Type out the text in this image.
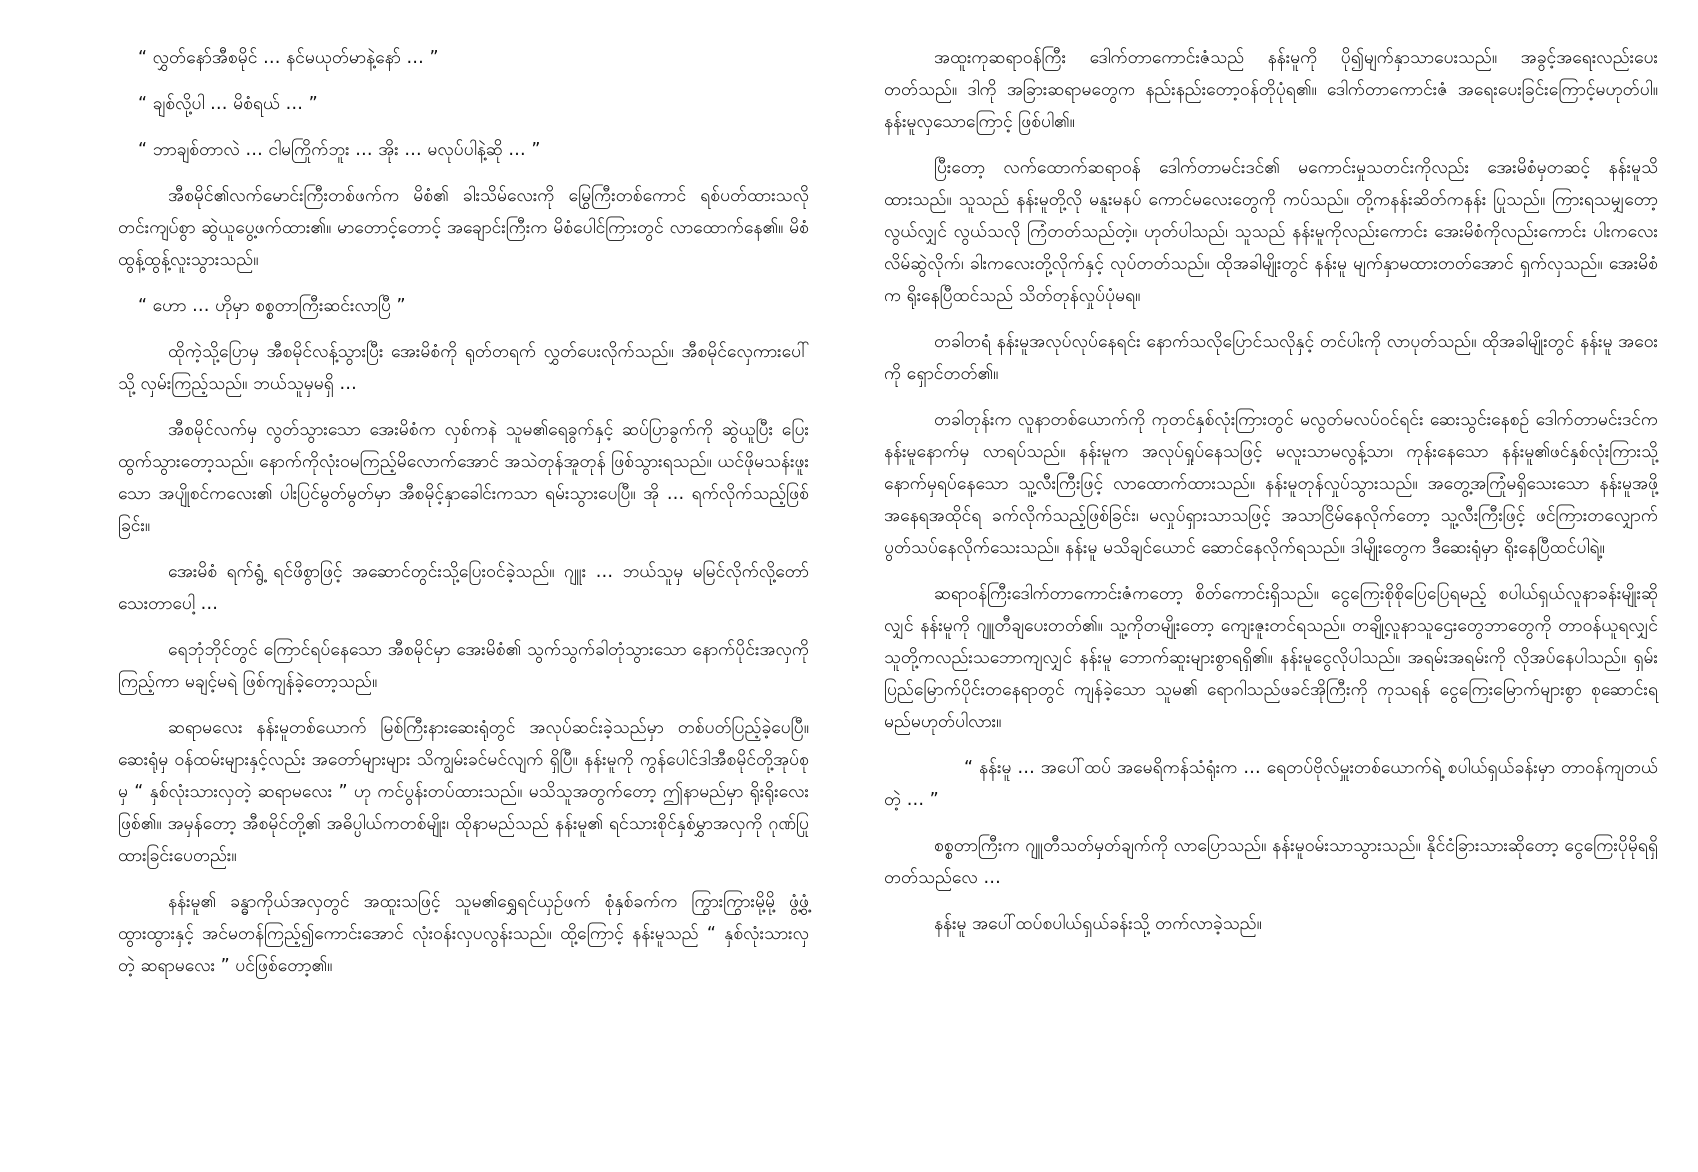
“ လွှတ်နော်အီစမိုင် … နင်မယုတ်မာနဲ့နော် … ”

“ ချစ်လို့ပါ … မိစံရယ် … ”

“ ဘာချစ်တာလဲ … ငါမကြိုက်ဘူး … အိုး … မလုပ်ပါနဲ့ဆို … ”

အီစမိုင်၏လက်မောင်းကြီးတစ်ဖက်က မိစံ၏ ခါးသိမ်လေးကို မြွေကြီးတစ်ကောင် ရစ်ပတ်ထားသလို တင်းကျပ်စွာ ဆွဲယူပွေ့ဖက်ထား၏။ မာတောင့်တောင့် အချောင်းကြီးက မိစံပေါင်ကြားတွင် လာထောက်နေ၏။ မိစံ ထွန့်ထွန့်လူးသွားသည်။

“ ဟော … ဟိုမှာ စစ္စတာကြီးဆင်းလာပြီ ”

ထိုကဲ့သို့ပြောမှ အီစမိုင်လန့်သွားပြီး အေးမိစံကို ရုတ်တရက် လွှတ်ပေးလိုက်သည်။ အီစမိုင်လှေကားပေါ်သို့ လှမ်းကြည့်သည်။ ဘယ်သူမှမရှိ …

အီစမိုင်လက်မှ လွတ်သွားသော အေးမိစံက လှစ်ကနဲ သူမ၏ရေခွက်နှင့် ဆပ်ပြာခွက်ကို ဆွဲယူပြီး ပြေးထွက်သွားတော့သည်။ နောက်ကိုလုံးဝမကြည့်မိလောက်အောင် အသဲတုန်အူတုန် ဖြစ်သွားရသည်။ ယင်ဖိုမသန်းဖူးသော အပျိုစင်ကလေး၏ ပါးပြင်မွတ်မွတ်မှာ အီစမိုင့်နှာခေါင်းကသာ ရမ်းသွားပေပြီ။ အို … ရက်လိုက်သည့်ဖြစ်ခြင်း။

အေးမိစံ ရက်ရွံ့ ရင်ဖိစွာဖြင့် အဆောင်တွင်းသို့ပြေးဝင်ခဲ့သည်။ ဂျူး … ဘယ်သူမှ မမြင်လိုက်လို့တော်သေးတာပေါ့ …

ရေဘုံဘိုင်တွင် ကြောင်ရပ်နေသော အီစမိုင်မှာ အေးမိစံ၏ သွက်သွက်ခါတုံသွားသော နောက်ပိုင်းအလှကို ကြည့်ကာ မချင့်မရဲ ဖြစ်ကျန်ခဲ့တော့သည်။

ဆရာမလေး နန်းမူတစ်ယောက် မြစ်ကြီးနားဆေးရုံတွင် အလုပ်ဆင်းခဲ့သည်မှာ တစ်ပတ်ပြည့်ခဲ့ပေပြီ။ ဆေးရုံမှ ဝန်ထမ်းများနှင့်လည်း အတော်များများ သိကျွမ်းခင်မင်လျက် ရှိပြီ။ နန်းမူကို ကွန်ပေါင်ဒါအီစမိုင်တို့အုပ်စုမှ “ နှစ်လုံးသားလှတဲ့ ဆရာမလေး ” ဟု ကင်ပွန်းတပ်ထားသည်။ မသိသူအတွက်တော့ ဤနာမည်မှာ ရိုးရိုးလေးဖြစ်၏။ အမှန်တော့ အီစမိုင်တို့၏ အဓိပ္ပါယ်ကတစ်မျိုး၊ ထိုနာမည်သည် နန်းမူ၏ ရင်သားစိုင်နှစ်မွှာအလှကို ဂုဏ်ပြုထားခြင်းပေတည်း။

နန်းမူ၏ ခန္ဓာကိုယ်အလှတွင် အထူးသဖြင့် သူမ၏ရွှေရင်ယှဉ်ဖက် စုံနှစ်ခက်က ကြွားကြွားမို့မို့ ဖွံ့ဖွံ့ထွားထွားနှင့် အင်မတန်ကြည့်၍ကောင်းအောင် လုံးဝန်းလှပလွန်းသည်။ ထို့ကြောင့် နန်းမူသည် “ နှစ်လုံးသားလှတဲ့ ဆရာမလေး ” ပင်ဖြစ်တော့၏။

အထူးကုဆရာဝန်ကြီး ဒေါက်တာကောင်းဇံသည် နန်းမူကို ပို၍မျက်နှာသာပေးသည်။ အခွင့်အရေးလည်းပေးတတ်သည်။ ဒါကို အခြားဆရာမတွေက နည်းနည်းတော့ဝန်တိုပုံရ၏။ ဒေါက်တာကောင်းဇံ အရေးပေးခြင်းကြောင့်မဟုတ်ပါ။ နန်းမူလှသောကြောင့် ဖြစ်ပါ၏။

ပြီးတော့ လက်ထောက်ဆရာဝန် ဒေါက်တာမင်းဒင်၏ မကောင်းမှုသတင်းကိုလည်း အေးမိစံမှတဆင့် နန်းမူသိထားသည်။ သူသည် နန်းမူတို့လို မနူးမနပ် ကောင်မလေးတွေကို ကပ်သည်။ တို့ကနန်းဆိတ်ကနန်း ပြုသည်။ ကြားရသမျှတော့ လွယ်လျှင် လွယ်သလို ကြံတတ်သည်တဲ့။ ဟုတ်ပါသည်၊ သူသည် နန်းမူကိုလည်းကောင်း အေးမိစံကိုလည်းကောင်း ပါးကလေးလိမ်ဆွဲလိုက်၊ ခါးကလေးတို့လိုက်နှင့် လုပ်တတ်သည်။ ထိုအခါမျိုးတွင် နန်းမူ မျက်နှာမထားတတ်အောင် ရှက်လှသည်။ အေးမိစံက ရိုးနေပြီထင်သည် သိတ်တုန်လှုပ်ပုံမရ။

တခါတရံ နန်းမူအလုပ်လုပ်နေရင်း နောက်သလိုပြောင်သလိုနှင့် တင်ပါးကို လာပုတ်သည်။ ထိုအခါမျိုးတွင် နန်းမူ အဝေးကို ရှောင်တတ်၏။

တခါတုန်းက လူနာတစ်ယောက်ကို ကုတင်နှစ်လုံးကြားတွင် မလွတ်မလပ်ဝင်ရင်း ဆေးသွင်းနေစဉ် ဒေါက်တာမင်းဒင်က နန်းမူနောက်မှ လာရပ်သည်။ နန်းမူက အလုပ်ရှုပ်နေသဖြင့် မလူးသာမလွန့်သာ၊ ကုန်းနေသော နန်းမူ၏ဖင်နှစ်လုံးကြားသို့ နောက်မှရပ်နေသော သူ့လီးကြီးဖြင့် လာထောက်ထားသည်။ နန်းမူတုန်လှုပ်သွားသည်။ အတွေ့အကြုံမရှိသေးသော နန်းမူအဖို့ အနေရအထိုင်ရ ခက်လိုက်သည့်ဖြစ်ခြင်း၊ မလှုပ်ရှားသာသဖြင့် အသာငြိမ်နေလိုက်တော့ သူ့လီးကြီးဖြင့် ဖင်ကြားတလျှောက် ပွတ်သပ်နေလိုက်သေးသည်။ နန်းမူ မသိချင်ယောင် ဆောင်နေလိုက်ရသည်။ ဒါမျိုးတွေက ဒီဆေးရုံမှာ ရိုးနေပြီထင်ပါရဲ့။

ဆရာဝန်ကြီးဒေါက်တာကောင်းဇံကတော့ စိတ်ကောင်းရှိသည်။ ငွေကြေးစိုစိုပြေပြေရမည့် စပါယ်ရှယ်လူနာခန်းမျိုးဆိုလျှင် နန်းမူကို ဂျူတီချပေးတတ်၏။ သူ့ကိုတမျိုးတော့ ကျေးဇူးတင်ရသည်။ တချို့လူနာသူဌေးတွေဘာတွေကို တာဝန်ယူရလျှင် သူတို့ကလည်းသဘောကျလျှင် နန်းမူ ဘောက်ဆူးများစွာရရှိ၏။ နန်းမူငွေလိုပါသည်။ အရမ်းအရမ်းကို လိုအပ်နေပါသည်။ ရှမ်းပြည်မြောက်ပိုင်းတနေရာတွင် ကျန်ခဲ့သော သူမ၏ ရောဂါသည်ဖခင်အိုကြီးကို ကုသရန် ငွေကြေးမြောက်များစွာ စုဆောင်းရမည်မဟုတ်ပါလား။

“ နန်းမူ … အပေါ်ထပ် အမေရိကန်သံရုံးက … ရေတပ်ဗိုလ်မှူးတစ်ယောက်ရဲ့ စပါယ်ရှယ်ခန်းမှာ တာဝန်ကျတယ်တဲ့ … ”

စစ္စတာကြီးက ဂျူတီသတ်မှတ်ချက်ကို လာပြောသည်။ နန်းမူဝမ်းသာသွားသည်။ နိုင်ငံခြားသားဆိုတော့ ငွေကြေးပိုမိုရရှိတတ်သည်လေ …

နန်းမူ အပေါ်ထပ်စပါယ်ရှယ်ခန်းသို့ တက်လာခဲ့သည်။
